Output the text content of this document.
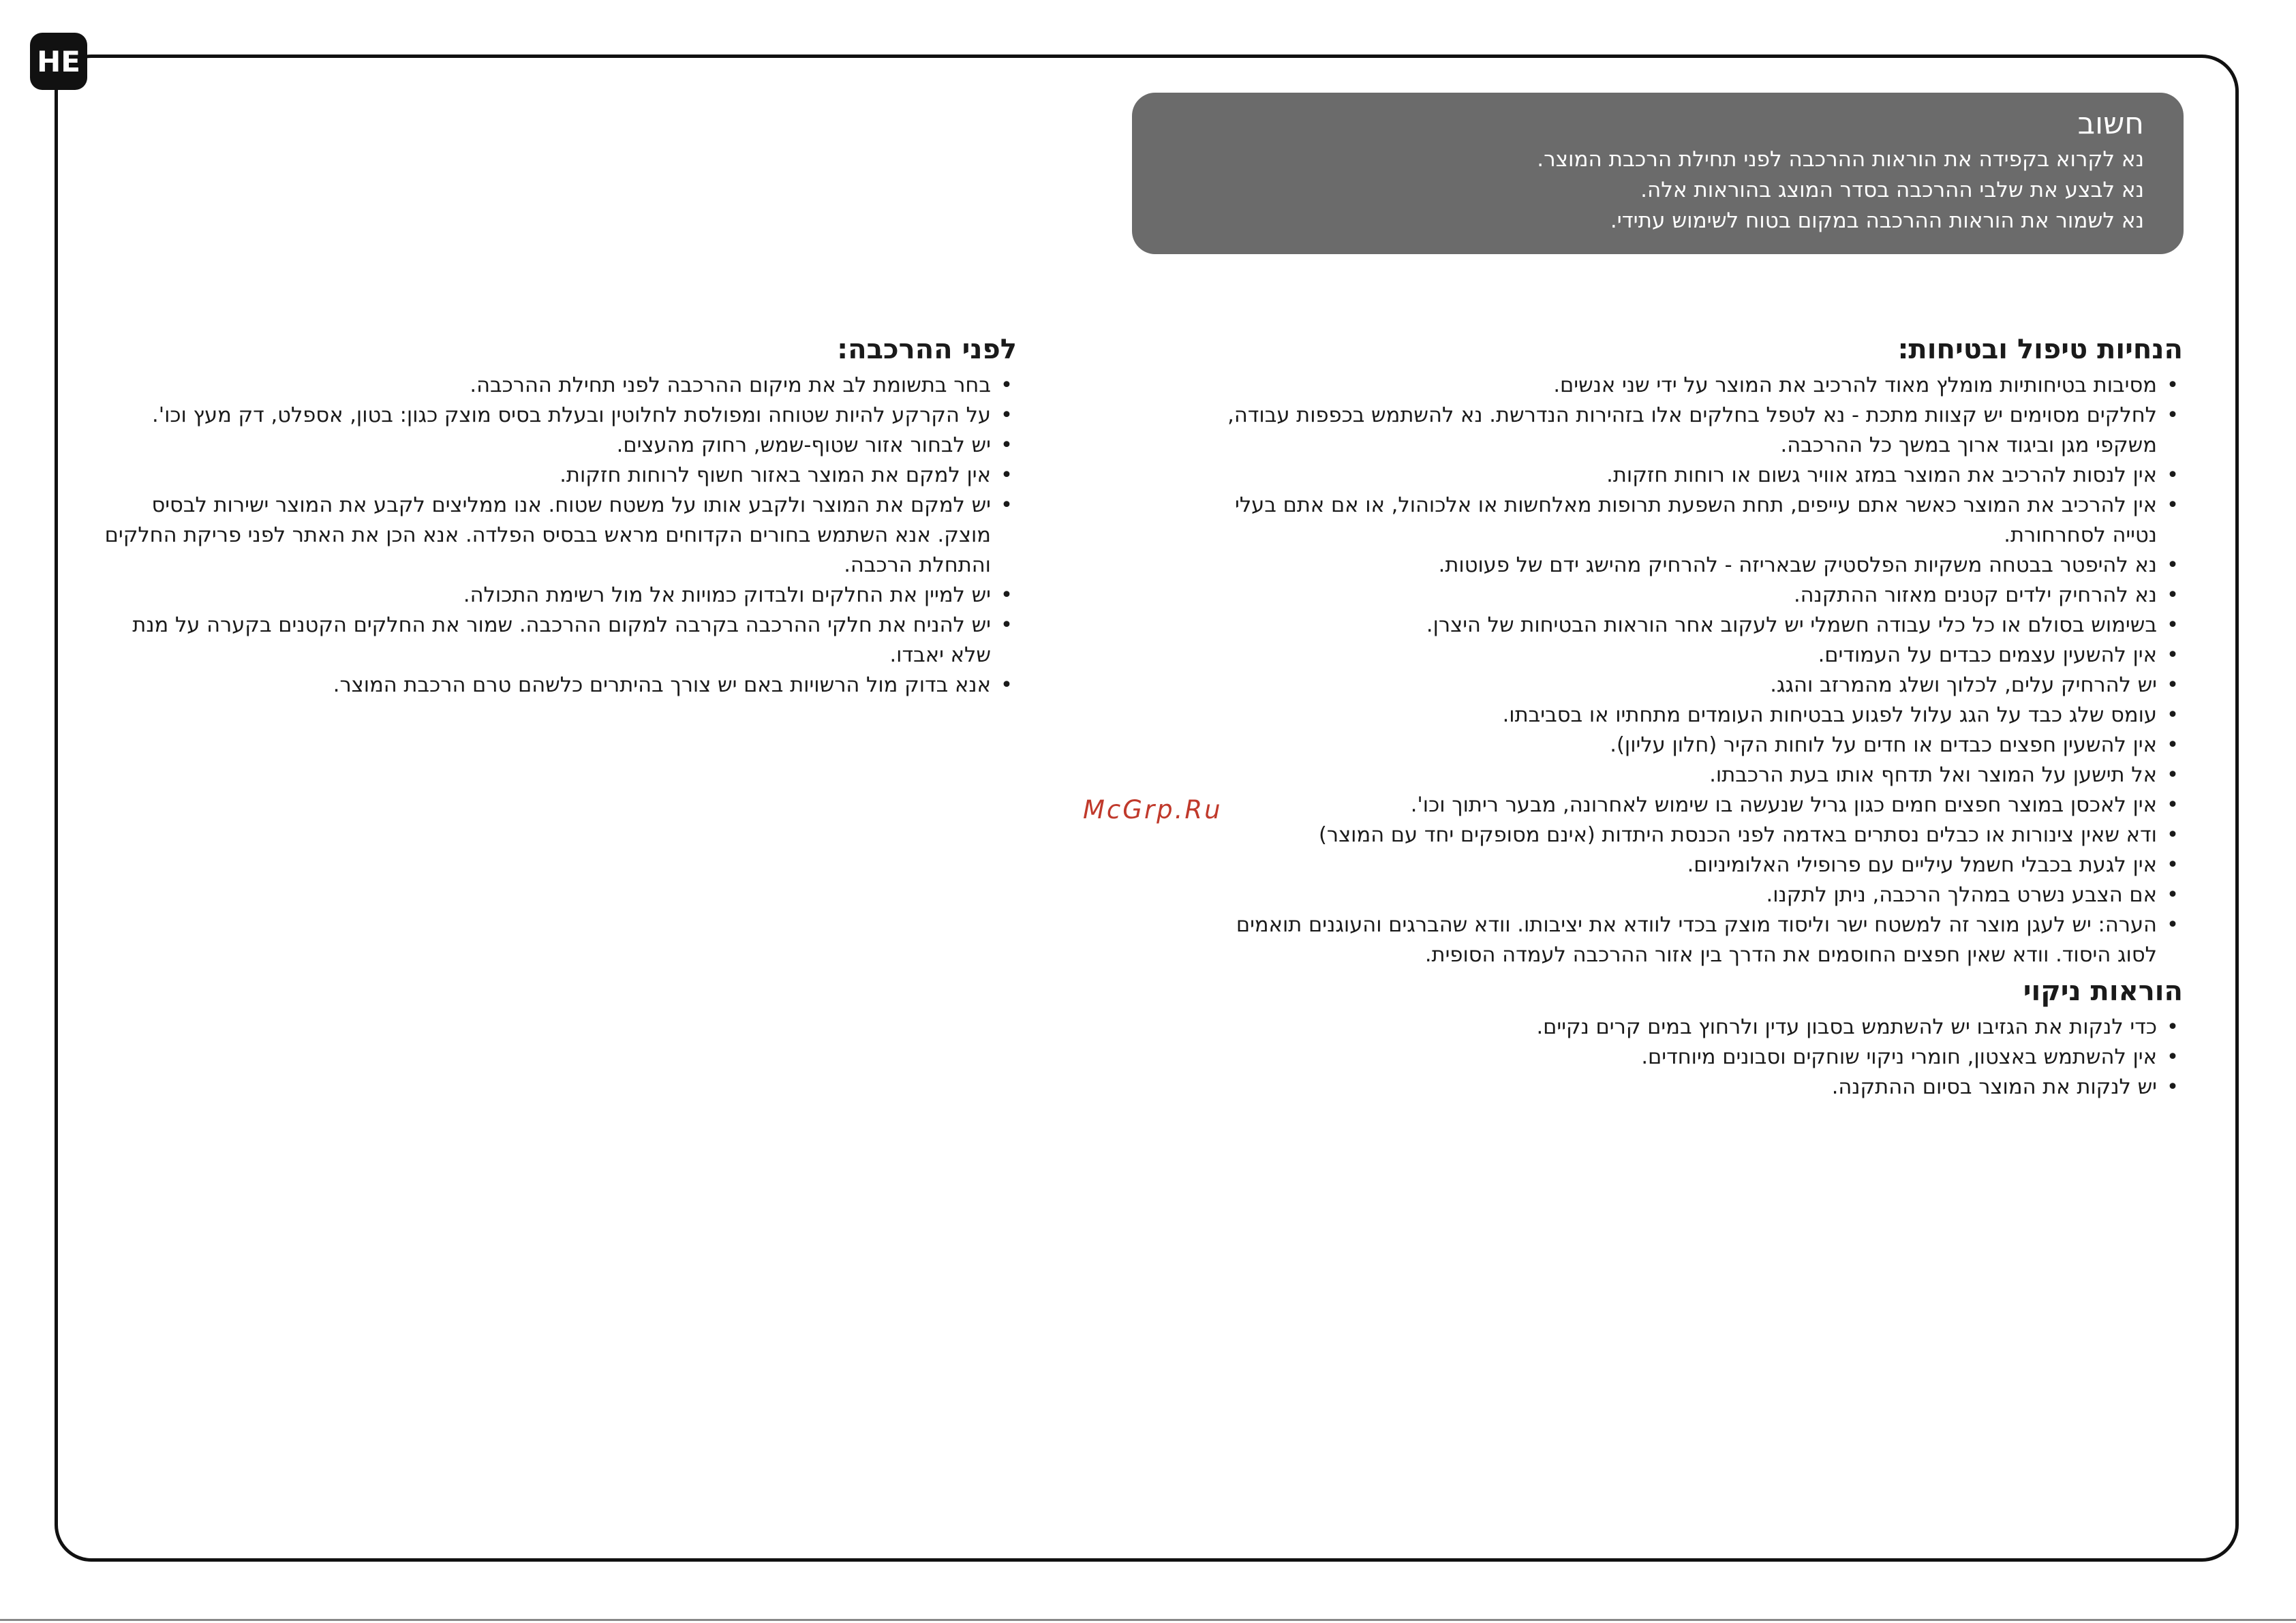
HE
חשוב

נא לקרוא בקפידה את הוראות ההרכבה לפני תחילת הרכבת המוצר.

נא לבצע את שלבי ההרכבה בסדר המוצג בהוראות אלה.

נא לשמור את הוראות ההרכבה במקום בטוח לשימוש עתידי.

הנחיות טיפול ובטיחות:
•
מסיבות בטיחותיות מומלץ מאוד להרכיב את המוצר על ידי שני אנשים.
•
לחלקים מסוימים יש קצוות מתכת - נא לטפל בחלקים אלו בזהירות הנדרשת. נא להשתמש בכפפות עבודה, משקפי מגן וביגוד ארוך במשך כל ההרכבה.
•
אין לנסות להרכיב את המוצר במזג אוויר גשום או רוחות חזקות.
•
אין להרכיב את המוצר כאשר אתם עייפים, תחת השפעת תרופות מאלחשות או אלכוהול, או אם אתם בעלי נטייה לסחרחורת.
•
נא להיפטר בבטחה משקיות הפלסטיק שבאריזה - להרחיק מהישג ידם של פעוטות.
•
נא להרחיק ילדים קטנים מאזור ההתקנה.
•
בשימוש בסולם או כל כלי עבודה חשמלי יש לעקוב אחר הוראות הבטיחות של היצרן.
•
אין להשעין עצמים כבדים על העמודים.
•
יש להרחיק עלים, לכלוך ושלג מהמרזב והגג.
•
עומס שלג כבד על הגג עלול לפגוע בבטיחות העומדים מתחתיו או בסביבתו.
•
אין להשעין חפצים כבדים או חדים על לוחות הקיר (חלון עליון).
•
אל תישען על המוצר ואל תדחף אותו בעת הרכבתו.
•
אין לאכסן במוצר חפצים חמים כגון גריל שנעשה בו שימוש לאחרונה, מבער ריתוך וכו'.
•
ודא שאין צינורות או כבלים נסתרים באדמה לפני הכנסת היתדות (אינם מסופקים יחד עם המוצר)
•
אין לגעת בכבלי חשמל עיליים עם פרופילי האלומיניום.
•
אם הצבע נשרט במהלך הרכבה, ניתן לתקנו.
•
הערה: יש לעגן מוצר זה למשטח ישר וליסוד מוצק בכדי לוודא את יציבותו. וודא שהברגים והעוגנים תואמים לסוג היסוד. וודא שאין חפצים החוסמים את הדרך בין אזור ההרכבה לעמדה הסופית.
הוראות ניקוי
•
כדי לנקות את הגזיבו יש להשתמש בסבון עדין ולרחוץ במים קרים נקיים.
•
אין להשתמש באצטון, חומרי ניקוי שוחקים וסבונים מיוחדים.
•
יש לנקות את המוצר בסיום ההתקנה.
לפני ההרכבה:
•
בחר בתשומת לב את מיקום ההרכבה לפני תחילת ההרכבה.
•
על הקרקע להיות שטוחה ומפולסת לחלוטין ובעלת בסיס מוצק כגון: בטון, אספלט, דק מעץ וכו'.
•
יש לבחור אזור שטוף-שמש, רחוק מהעצים.
•
אין למקם את המוצר באזור חשוף לרוחות חזקות.
•
יש למקם את המוצר ולקבע אותו על משטח שטוח. אנו ממליצים לקבע את המוצר ישירות לבסיס מוצק. אנא השתמש בחורים הקדוחים מראש בבסיס הפלדה. אנא הכן את האתר לפני פריקת החלקים והתחלת הרכבה.
•
יש למיין את החלקים ולבדוק כמויות אל מול רשימת התכולה.
•
יש להניח את חלקי ההרכבה בקרבה למקום ההרכבה. שמור את החלקים הקטנים בקערה על מנת שלא יאבדו.
•
אנא בדוק מול הרשויות באם יש צורך בהיתרים כלשהם טרם הרכבת המוצר.
McGrp.Ru
